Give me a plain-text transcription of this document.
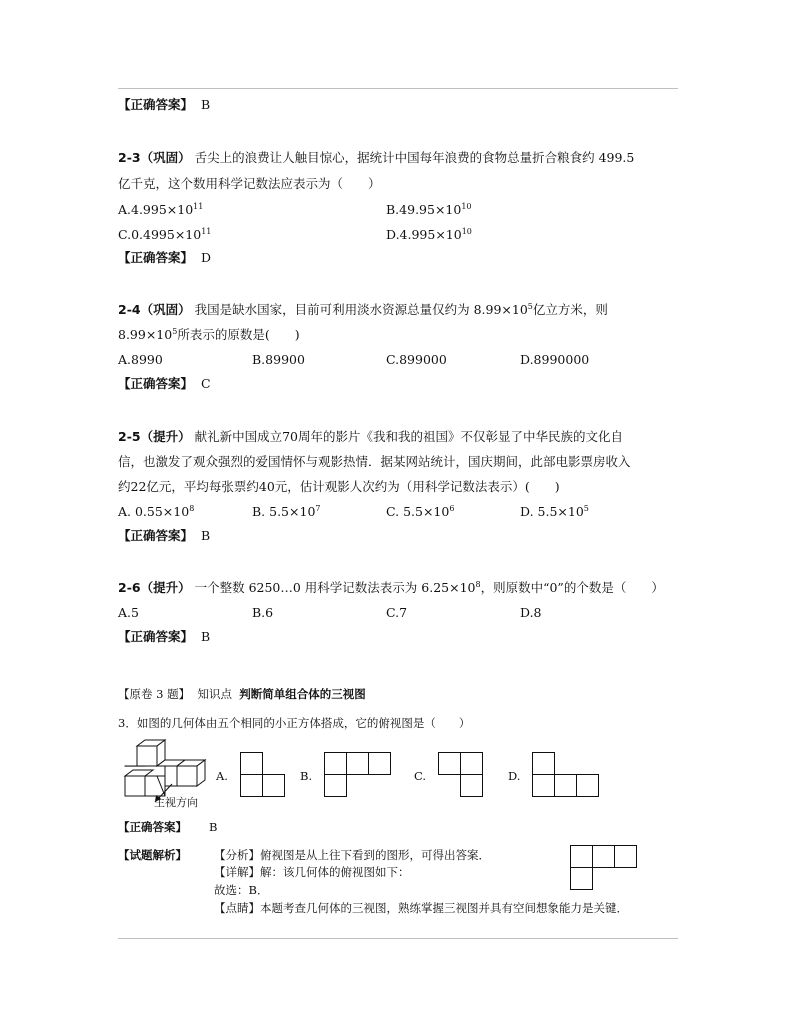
【正确答案】 B
2-3（巩固） 舌尖上的浪费让人触目惊心，据统计中国每年浪费的食物总量折合粮食约 499.5
亿千克，这个数用科学记数法应表示为（　　）
$A.4.995\times 10^{11}$	$B.49.95\times 10^{10}$
$C.0.4995\times 10^{11}$	$D.4.995\times 10^{10}$
【正确答案】 D
2-4（巩固） 我国是缺水国家，目前可利用淡水资源总量仅约为 $8.99\times 10^5$亿立方米，则
$8.99\times 10^5$所表示的原数是(　　)
A.8990	B.89900	C.899000	D.8990000
【正确答案】 C
2-5（提升） 献礼新中国成立70周年的影片《我和我的祖国》不仅彰显了中华民族的文化自
信，也激发了观众强烈的爱国情怀与观影热情．据某网站统计，国庆期间，此部电影票房收入
约22亿元，平均每张票约40元，估计观影人次约为（用科学记数法表示）(　　)
A. $0.55\times 10^8$	B. $5.5\times 10^7$	C. $5.5\times 10^6$	D. $5.5\times 10^5$
【正确答案】 B
2-6（提升） 一个整数 6250…0 用科学记数法表示为 $6.25\times 10^8$，则原数中“0”的个数是（　　）
A.5	B.6	C.7	D.8
【正确答案】 B
【原卷 3 题】 知识点 判断简单组合体的三视图
3．如图的几何体由五个相同的小正方体搭成，它的俯视图是（　　）
主视方向
A.	B.	C.	D.
【正确答案】 B
【试题解析】 【分析】俯视图是从上往下看到的图形，可得出答案．
【详解】解：该几何体的俯视图如下：
故选：B．
【点睛】本题考查几何体的三视图，熟练掌握三视图并具有空间想象能力是关键．
